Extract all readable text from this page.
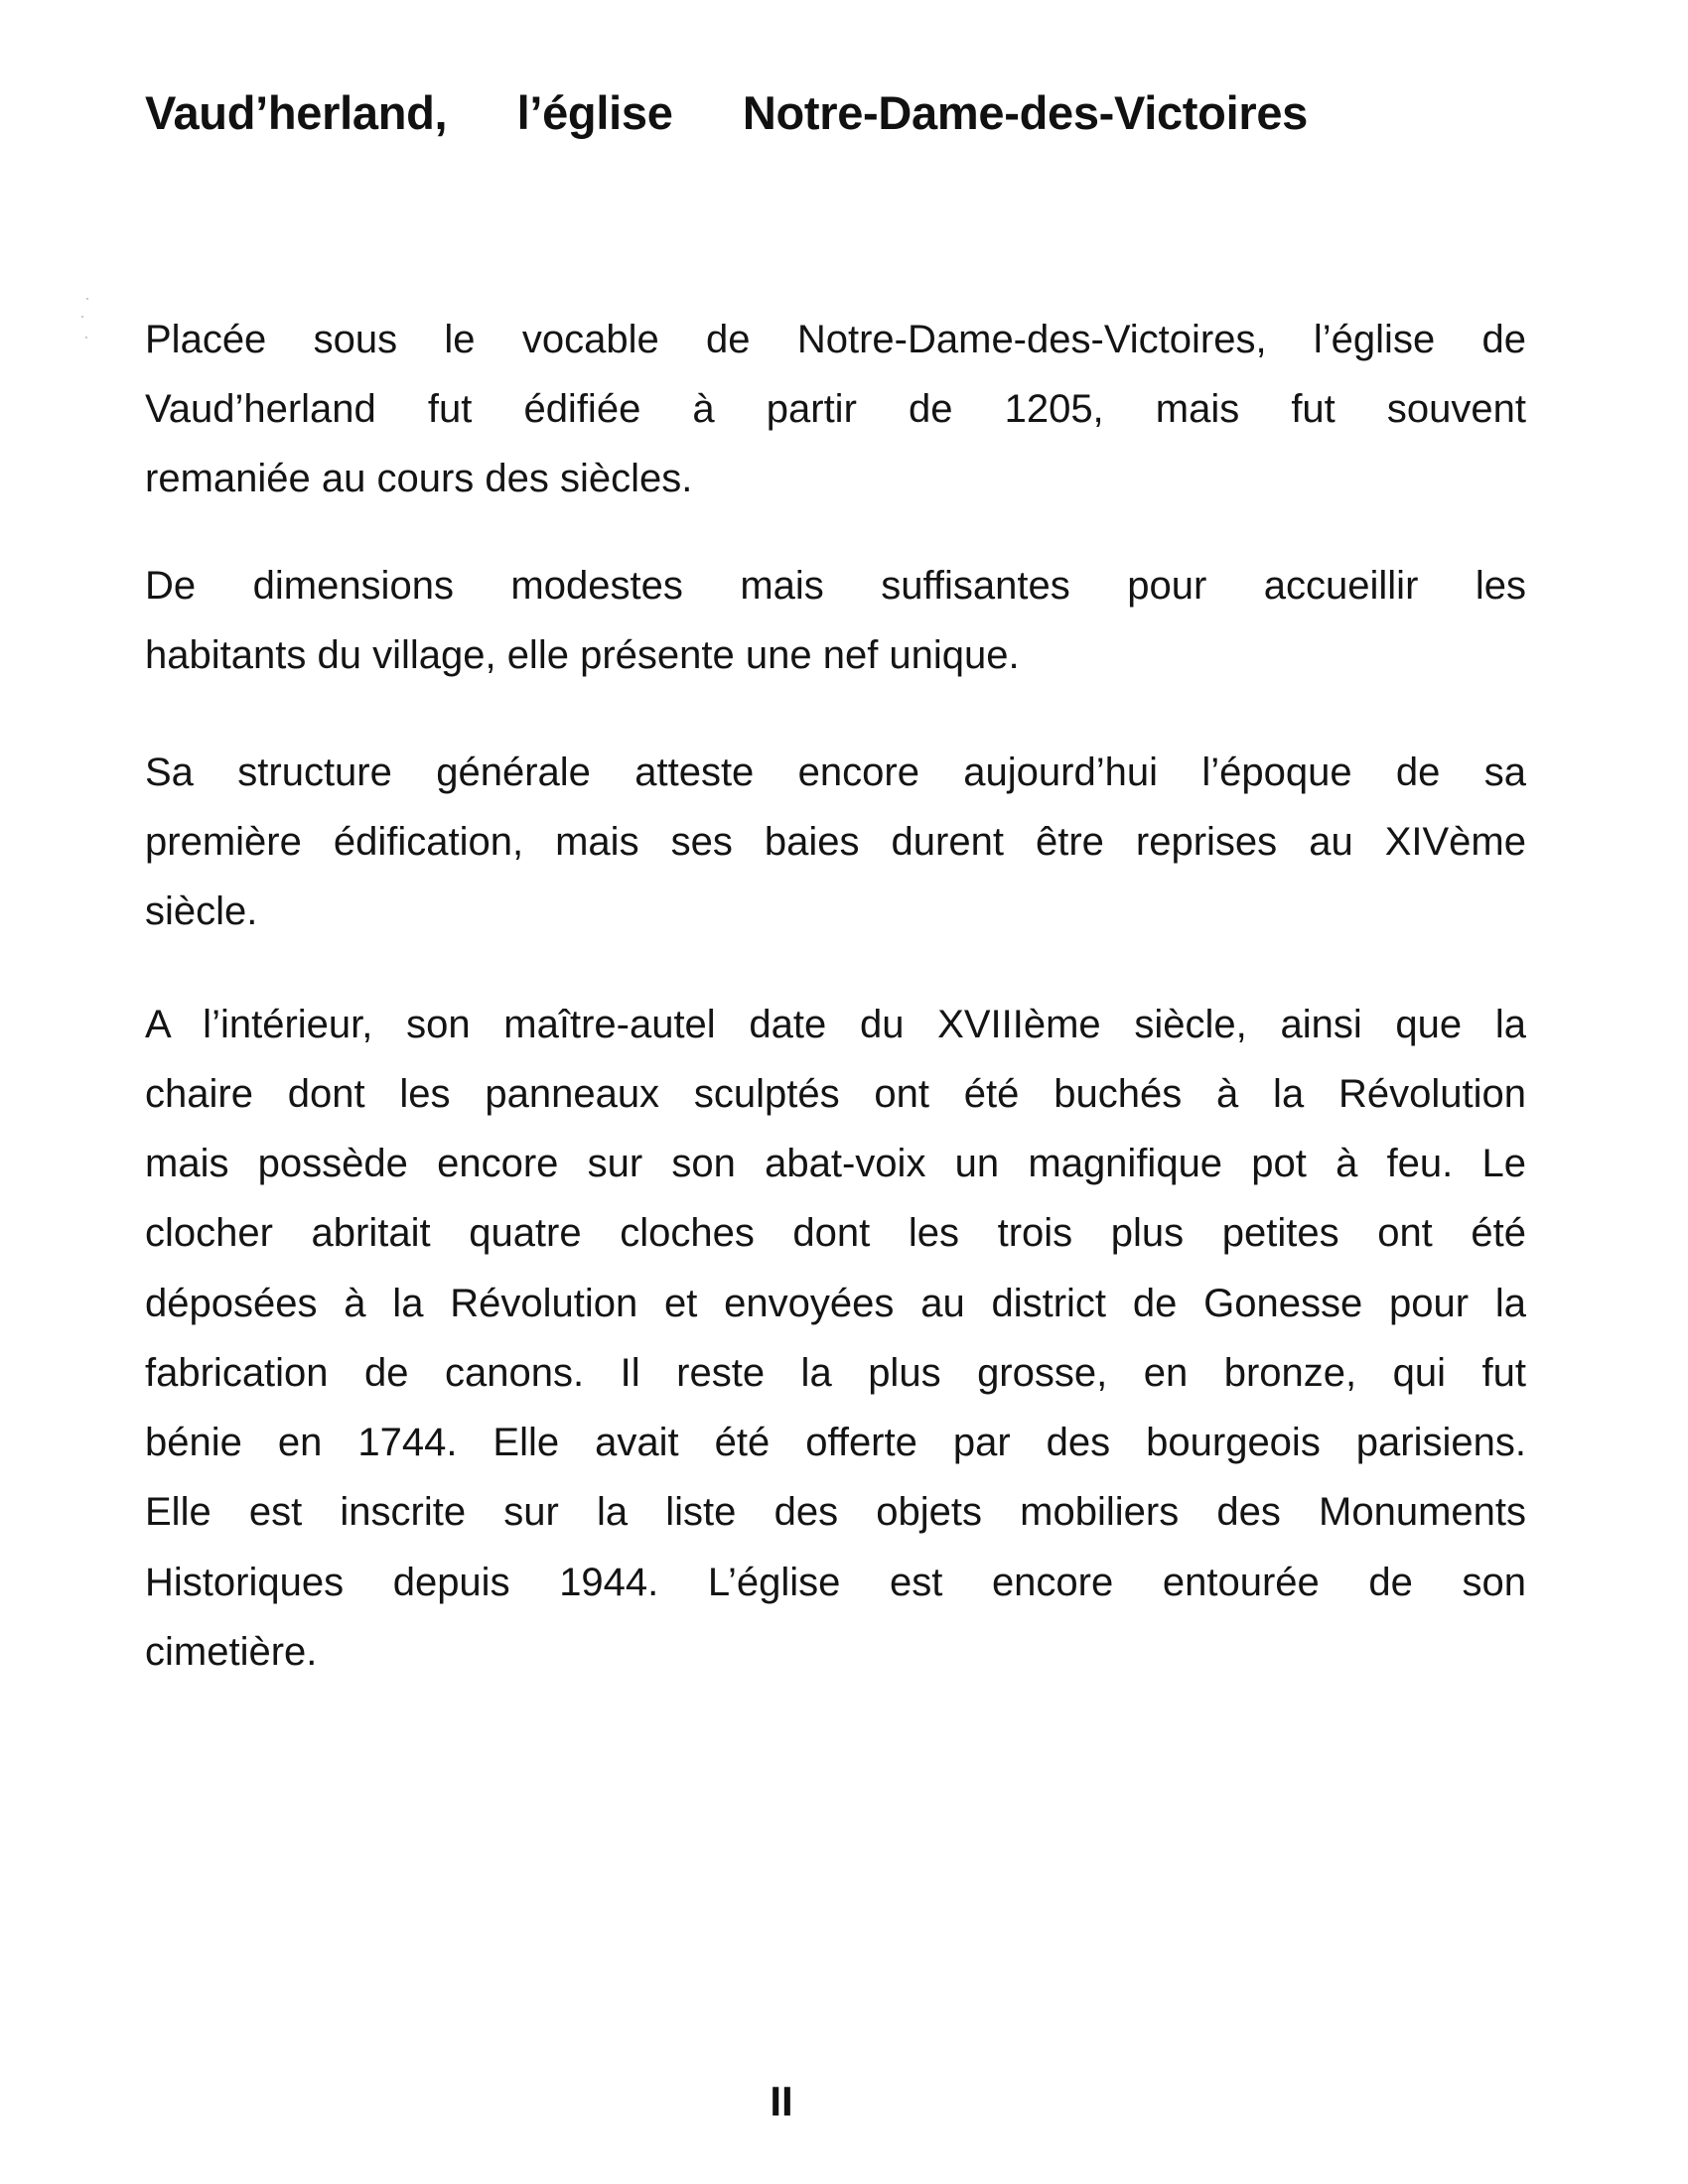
Vaud’herland, l’église Notre-Dame-des-Victoires
Placée sous le vocable de Notre-Dame-des-Victoires, l’église de
Vaud’herland fut édifiée à partir de 1205, mais fut souvent
remaniée au cours des siècles.
De dimensions modestes mais suffisantes pour accueillir les
habitants du village, elle présente une nef unique.
Sa structure générale atteste encore aujourd’hui l’époque de sa
première édification, mais ses baies durent être reprises au XIVème
siècle.
A l’intérieur, son maître-autel date du XVIIIème siècle, ainsi que la
chaire dont les panneaux sculptés ont été buchés à la Révolution
mais possède encore sur son abat-voix un magnifique pot à feu. Le
clocher abritait quatre cloches dont les trois plus petites ont été
déposées à la Révolution et envoyées au district de Gonesse pour la
fabrication de canons. Il reste la plus grosse, en bronze, qui fut
bénie en 1744. Elle avait été offerte par des bourgeois parisiens.
Elle est inscrite sur la liste des objets mobiliers des Monuments
Historiques depuis 1944. L’église est encore entourée de son
cimetière.
II
